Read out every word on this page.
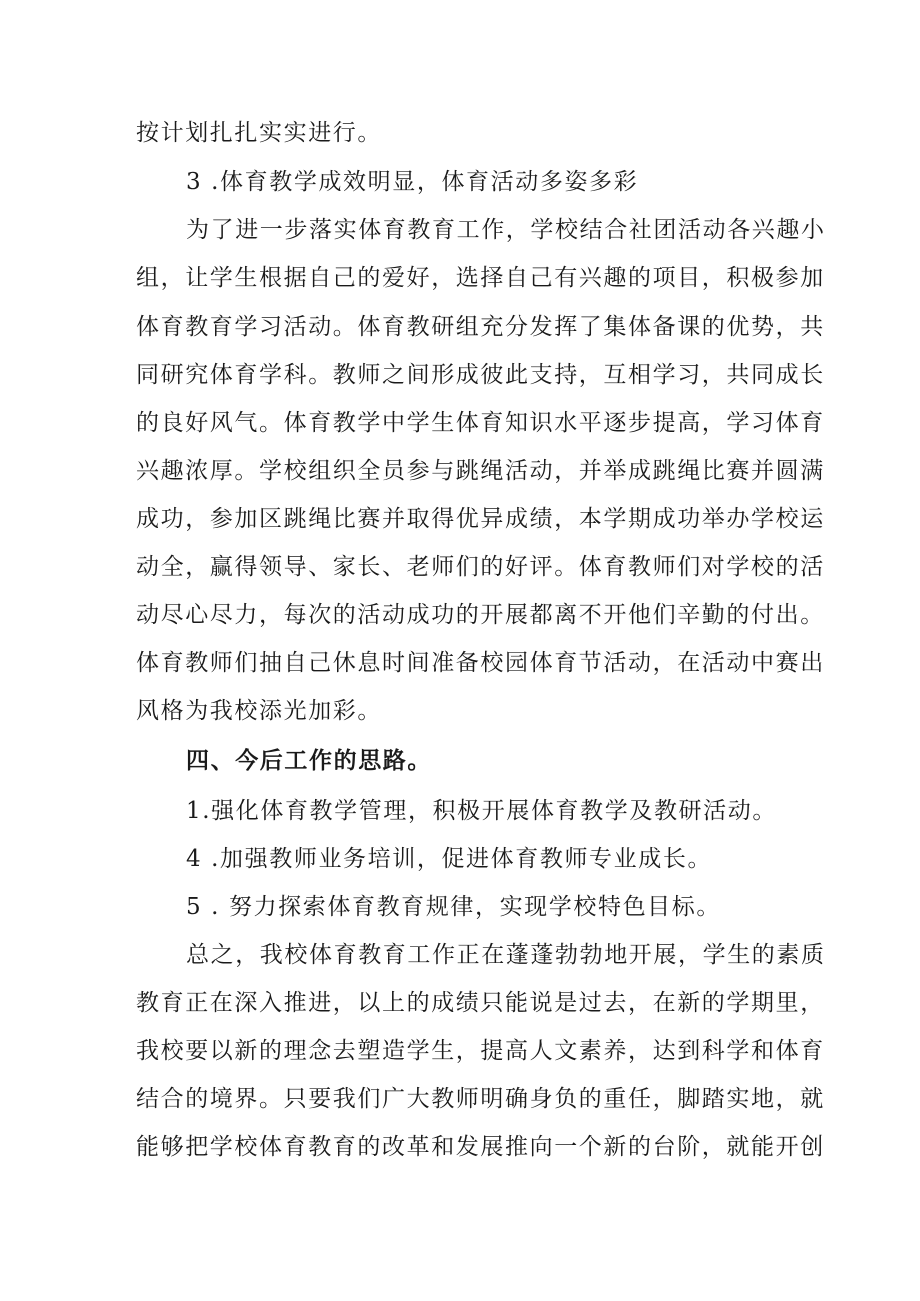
按计划扎扎实实进行。
3 .体育教学成效明显，体育活动多姿多彩
为了进一步落实体育教育工作，学校结合社团活动各兴趣小
组，让学生根据自己的爱好，选择自己有兴趣的项目，积极参加
体育教育学习活动。体育教研组充分发挥了集体备课的优势，共
同研究体育学科。教师之间形成彼此支持，互相学习，共同成长
的良好风气。体育教学中学生体育知识水平逐步提高，学习体育
兴趣浓厚。学校组织全员参与跳绳活动，并举成跳绳比赛并圆满
成功，参加区跳绳比赛并取得优异成绩，本学期成功举办学校运
动全，赢得领导、家长、老师们的好评。体育教师们对学校的活
动尽心尽力，每次的活动成功的开展都离不开他们辛勤的付出。
体育教师们抽自己休息时间准备校园体育节活动，在活动中赛出
风格为我校添光加彩。
四、今后工作的思路。
1.强化体育教学管理，积极开展体育教学及教研活动。
4 .加强教师业务培训，促进体育教师专业成长。
5 . 努力探索体育教育规律，实现学校特色目标。
总之，我校体育教育工作正在蓬蓬勃勃地开展，学生的素质
教育正在深入推进，以上的成绩只能说是过去，在新的学期里，
我校要以新的理念去塑造学生，提高人文素养，达到科学和体育
结合的境界。只要我们广大教师明确身负的重任，脚踏实地，就
能够把学校体育教育的改革和发展推向一个新的台阶，就能开创
